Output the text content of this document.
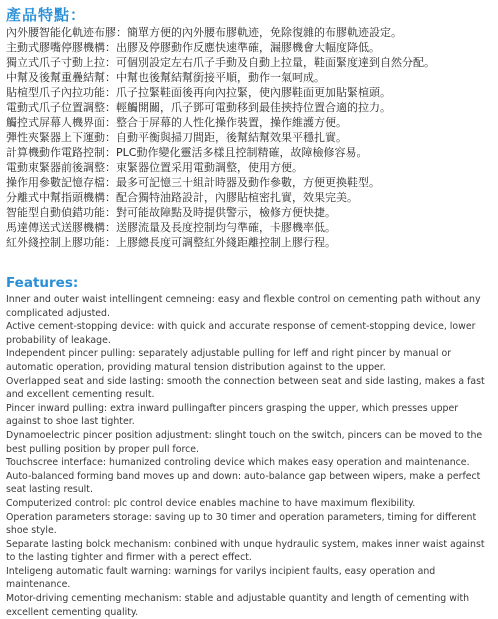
產品特點：
內外腰智能化軌迹布膠：簡單方便的內外腰布膠軌迹，免除復雜的布膠軌迹設定。
主動式膠嘴停膠機構：出膠及停膠動作反應快速準確，漏膠機會大幅度降低。
獨立式爪子寸動上拉：可個別設定左右爪子手動及自動上拉量，鞋面緊度達到自然分配。
中幫及後幫重疊結幫：中幫也後幫結幫銜接平順，動作一氣呵成。
貼楦型爪子內拉功能：爪子拉緊鞋面後再向內拉緊，使內膠鞋面更加貼緊楦頭。
電動式爪子位置調整：輕觸開關，爪子鄧可電動移到最佳挾持位置合適的拉力。
觸控式屏幕人機界面：整合于屏幕的人性化操作裝置，操作維護方便。
彈性夾緊器上下運動：自動平衡與掃刀間距，後幫結幫效果平穩扎實。
計算機動作電路控制：PLC動作變化靈活多樣且控制精確，故障檢修容易。
電動束緊器前後調整：束緊器位置采用電動調整，使用方便。
操作用參數記憶存檔：最多可記憶三十組計時器及動作參數，方便更換鞋型。
分離式中幫指頭機構：配合獨特油路設計，內膠貼楦密扎實，效果完美。
智能型自動偵錯功能：對可能故障點及時提供警示，檢修方便快捷。
馬達傳送式送膠機構：送膠流量及長度控制均勻準確，卡膠機率低。
紅外綫控制上膠功能：上膠總長度可調整紅外綫距離控制上膠行程。
Features:
Inner and outer waist intellingent cemneing: easy and flexble control on cementing path without any complicated adjusted.
Active cement-stopping device: with quick and accurate response of cement-stopping device, lower probability of leakage.
Independent pincer pulling: separately adjustable pulling for leff and right pincer by manual or automatic operation, providing matural tension distribution against to the upper.
Overlapped seat and side lasting: smooth the connection between seat and side lasting, makes a fast and excellent cementing result.
Pincer inward pulling: extra inward pullingafter pincers grasping the upper, which presses upper against to shoe last tighter.
Dynamoelectric pincer position adjustment: slinght touch on the switch, pincers can be moved to the best pulling position by proper pull force.
Touchscree interface: humanized controling device which makes easy operation and maintenance.
Auto-balanced forming band moves up and down: auto-balance gap between wipers, make a perfect seat lasting result.
Computerized control: plc control device enables machine to have maximum flexibility.
Operation parameters storage: saving up to 30 timer and operation parameters, timing for different shoe style.
Separate lasting bolck mechanism: conbined with unque hydraulic system, makes inner waist against to the lasting tighter and firmer with a perect effect.
Inteligeng automatic fault warning: warnings for varilys incipient faults, easy operation and maintenance.
Motor-driving cementing mechanism: stable and adjustable quantity and length of cementing with excellent cementing quality.
